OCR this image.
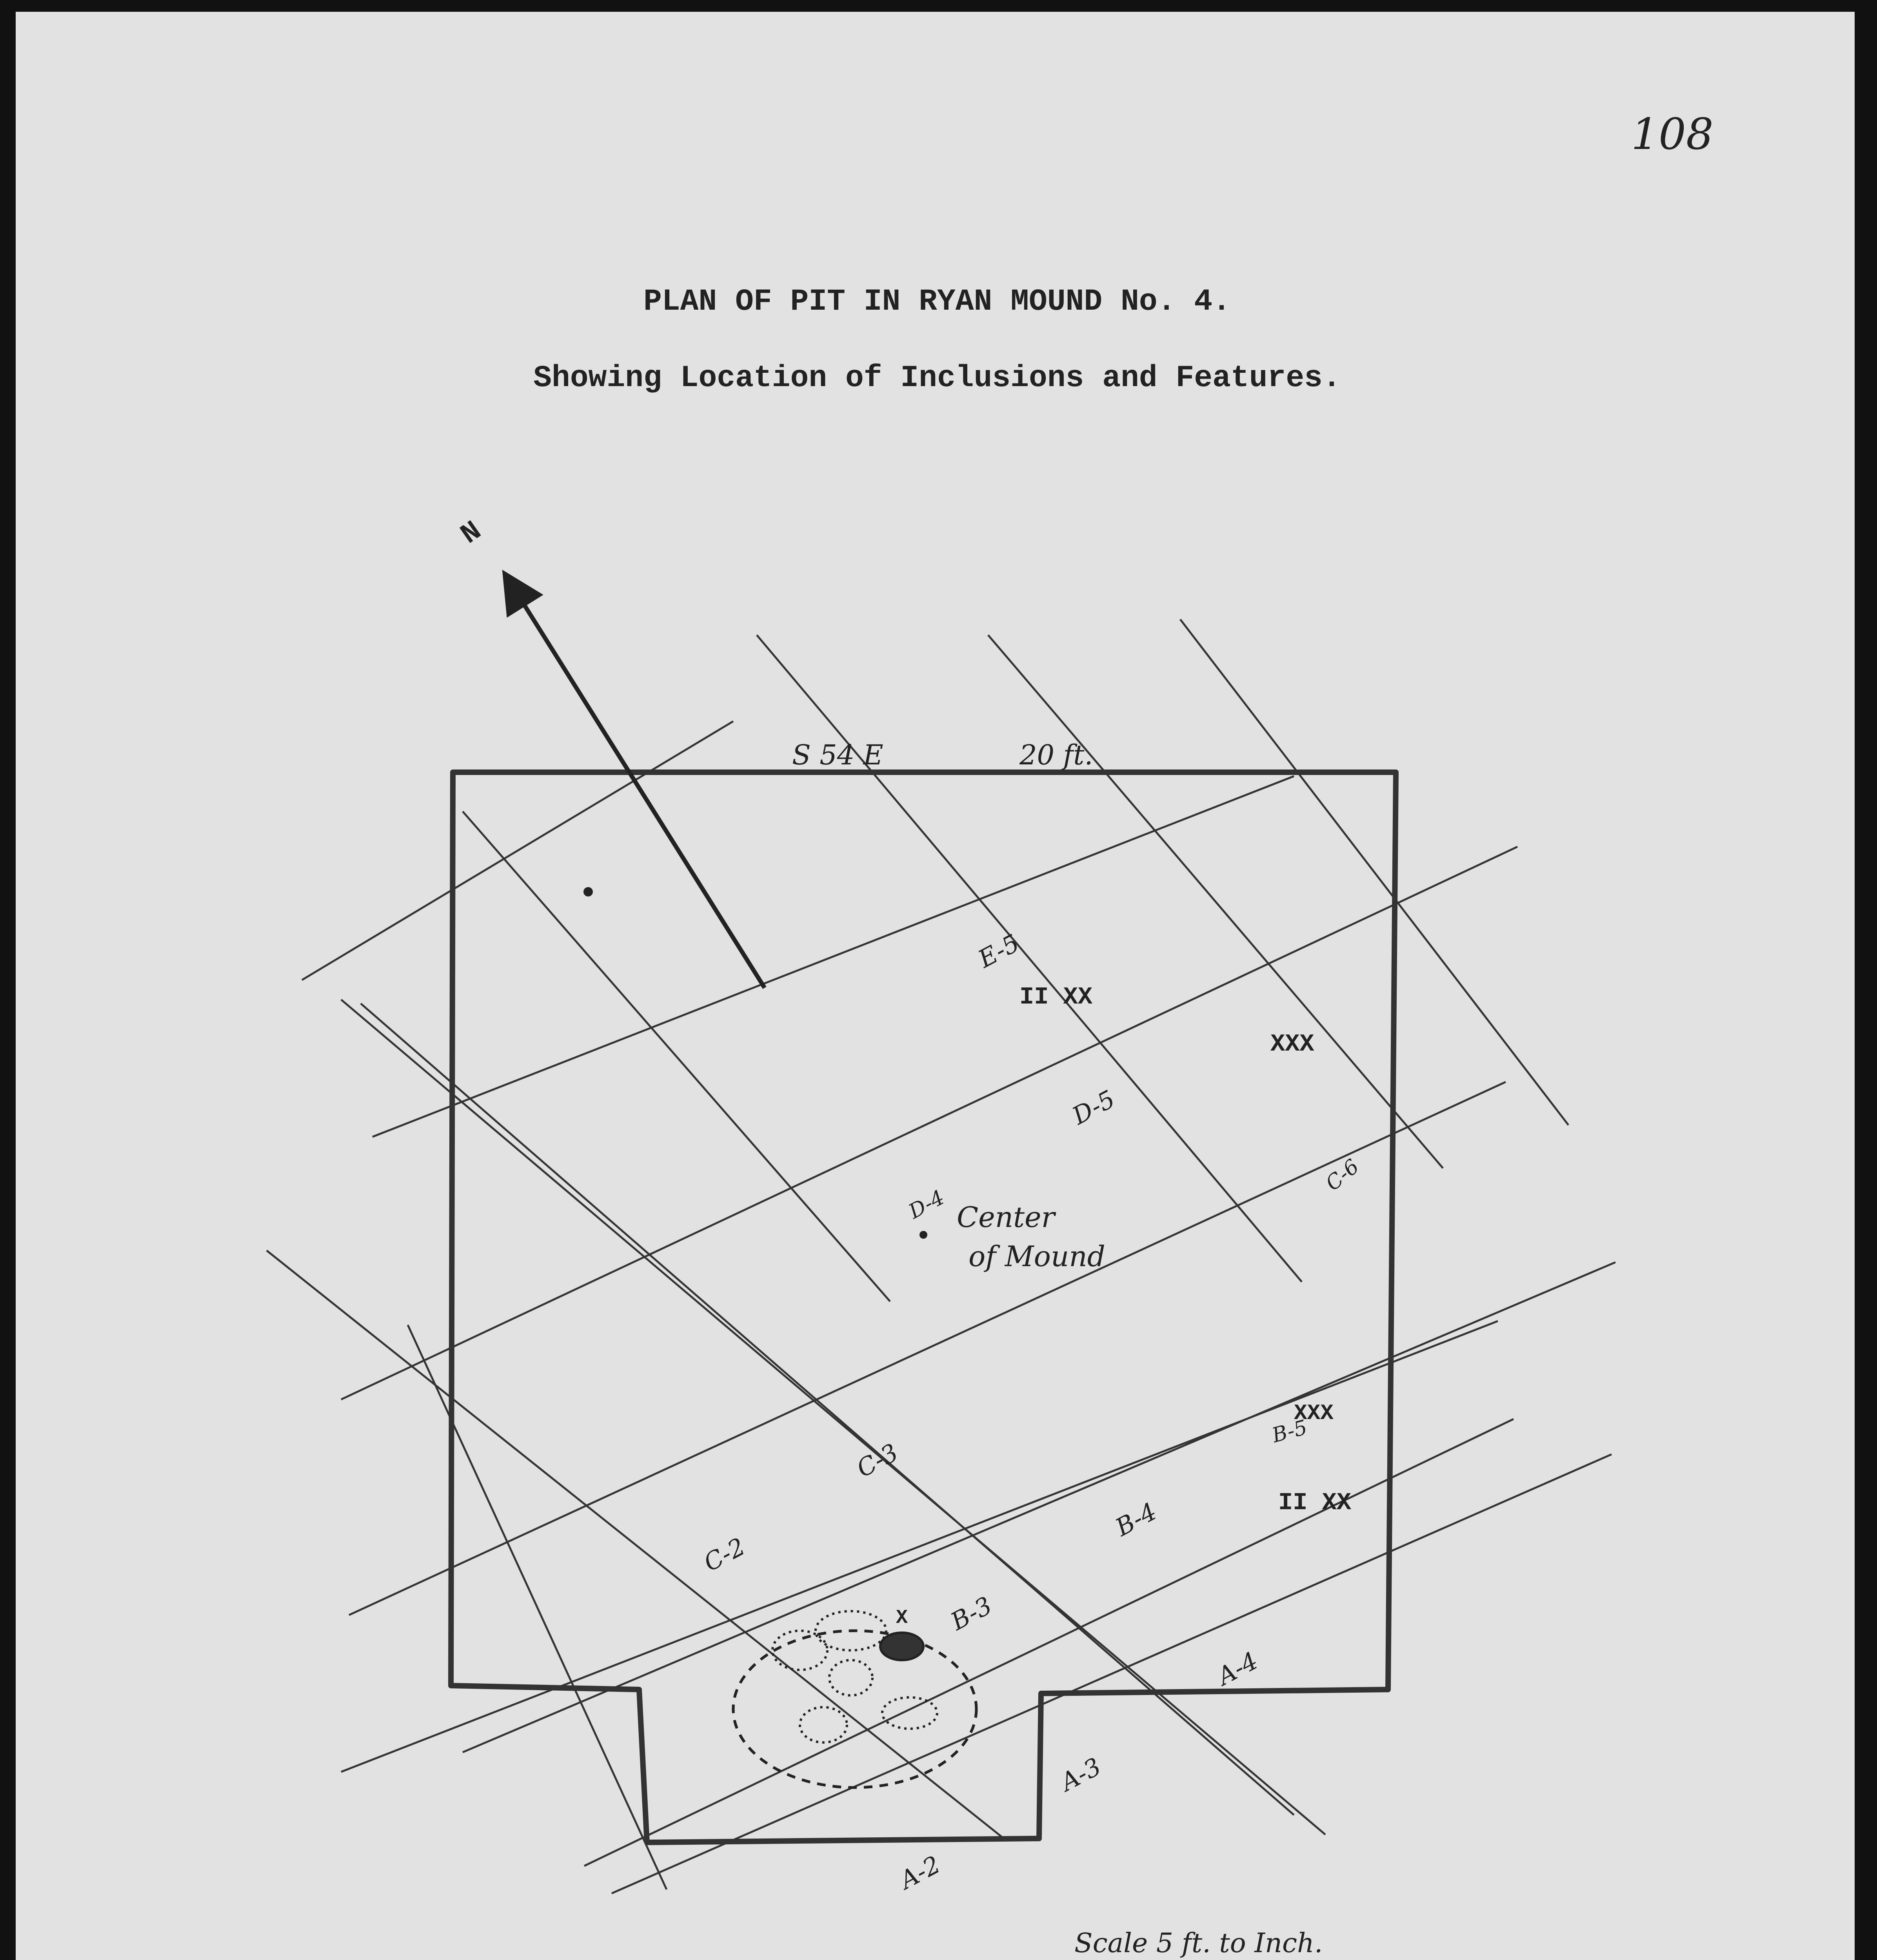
108
PLAN OF PIT IN RYAN MOUND No. 4.
Showing Location of Inclusions and Features.
N
S 54 E	20 ft.
E-5
D-5
D-4
C-6
C-3
C-2
B-5
B-4
B-3
A-4
A-3
A-2
Center
of Mound
II XX
XXX
XXX
II XX
X
Scale 5 ft. to Inch.
